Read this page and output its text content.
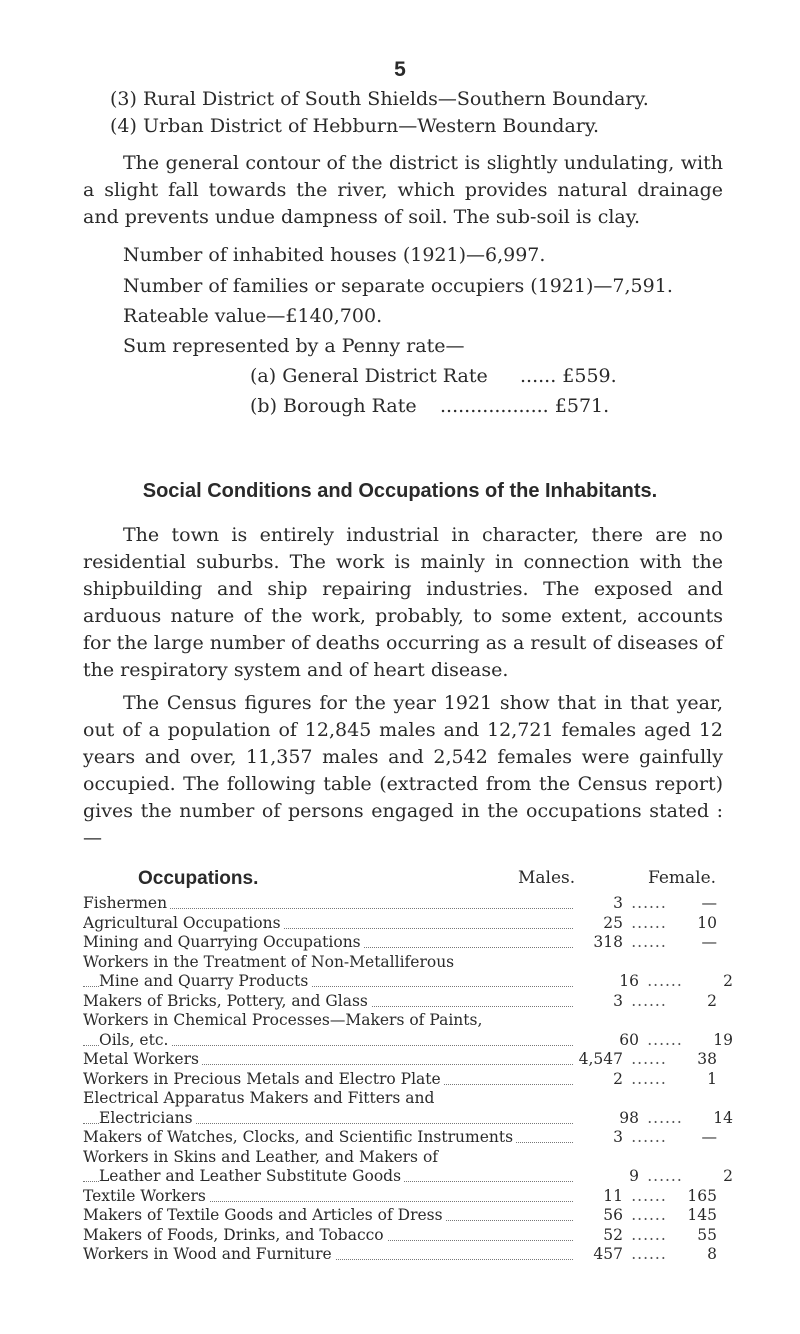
5
(3) Rural District of South Shields—Southern Boundary.
(4) Urban District of Hebburn—Western Boundary.

The general contour of the district is slightly undulating, with a slight fall towards the river, which provides natural drainage and prevents undue dampness of soil. The sub-soil is clay.

Number of inhabited houses (1921)—6,997.
Number of families or separate occupiers (1921)—7,591.
Rateable value—£140,700.
Sum represented by a Penny rate—
(a) General District Rate ...... £559.
(b) Borough Rate .................. £571.
Social Conditions and Occupations of the Inhabitants.

The town is entirely industrial in character, there are no residential suburbs. The work is mainly in connection with the shipbuilding and ship repairing industries. The exposed and arduous nature of the work, probably, to some extent, accounts for the large number of deaths occurring as a result of diseases of the respiratory system and of heart disease.

The Census figures for the year 1921 show that in that year, out of a population of 12,845 males and 12,721 females aged 12 years and over, 11,357 males and 2,542 females were gainfully occupied. The following table (extracted from the Census report) gives the number of persons engaged in the occupations stated :—

Occupations.	Males.	Female.
Fishermen	3 ......	—
Agricultural Occupations	25 ......	10
Mining and Quarrying Occupations	318 ......	—
Workers in the Treatment of Non-Metalliferous
Mine and Quarry Products	16 ......	2
Makers of Bricks, Pottery, and Glass	3 ......	2
Workers in Chemical Processes—Makers of Paints,
Oils, etc.	60 ......	19
Metal Workers	4,547 ......	38
Workers in Precious Metals and Electro Plate	2 ......	1
Electrical Apparatus Makers and Fitters and
Electricians	98 ......	14
Makers of Watches, Clocks, and Scientific Instruments	3 ......	—
Workers in Skins and Leather, and Makers of
Leather and Leather Substitute Goods	9 ......	2
Textile Workers	11 ......	165
Makers of Textile Goods and Articles of Dress	56 ......	145
Makers of Foods, Drinks, and Tobacco	52 ......	55
Workers in Wood and Furniture	457 ......	8
